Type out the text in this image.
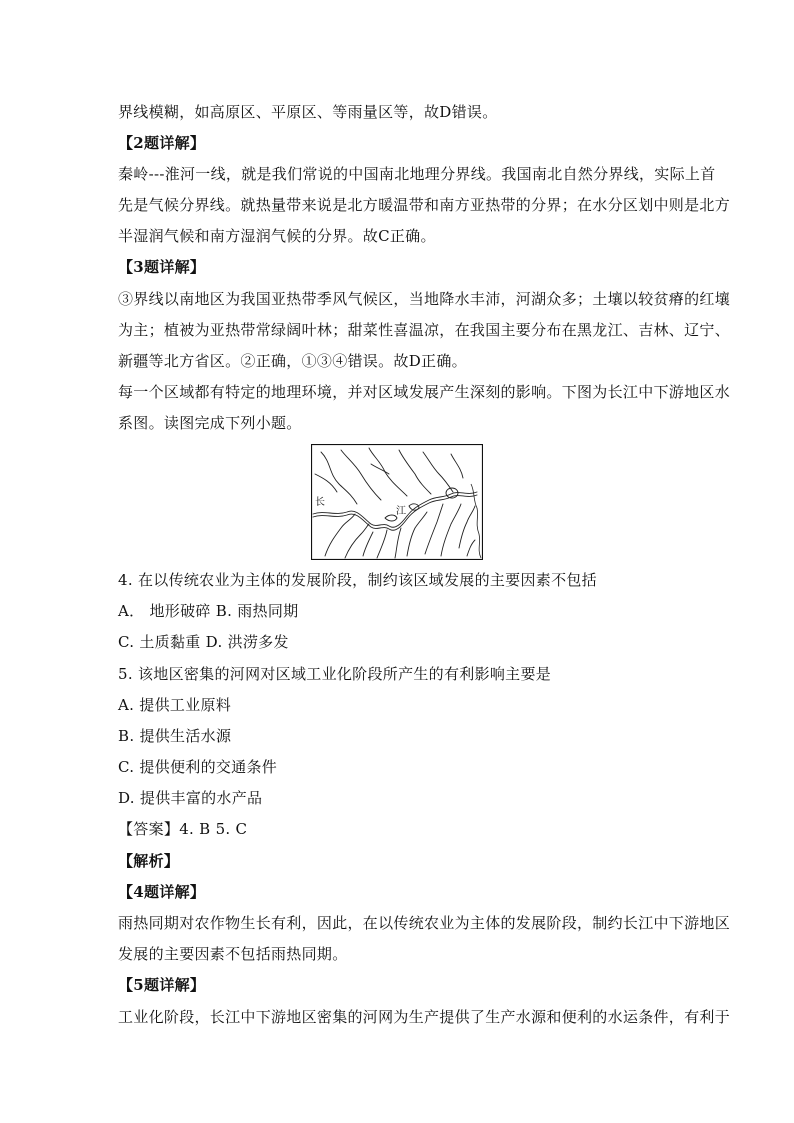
界线模糊，如高原区、平原区、等雨量区等，故D错误。
【2题详解】
秦岭---淮河一线，就是我们常说的中国南北地理分界线。我国南北自然分界线，实际上首
先是气候分界线。就热量带来说是北方暖温带和南方亚热带的分界；在水分区划中则是北方
半湿润气候和南方湿润气候的分界。故C正确。
【3题详解】
③界线以南地区为我国亚热带季风气候区，当地降水丰沛，河湖众多；土壤以较贫瘠的红壤
为主；植被为亚热带常绿阔叶林；甜菜性喜温凉，在我国主要分布在黑龙江、吉林、辽宁、
新疆等北方省区。②正确，①③④错误。故D正确。
每一个区域都有特定的地理环境，并对区域发展产生深刻的影响。下图为长江中下游地区水
系图。读图完成下列小题。
长
江
4. 在以传统农业为主体的发展阶段，制约该区域发展的主要因素不包括
A． 地形破碎 B. 雨热同期
C. 土质黏重 D. 洪涝多发
5. 该地区密集的河网对区域工业化阶段所产生的有利影响主要是
A. 提供工业原料
B. 提供生活水源
C. 提供便利的交通条件
D. 提供丰富的水产品
【答案】4. B 5. C
【解析】
【4题详解】
雨热同期对农作物生长有利，因此，在以传统农业为主体的发展阶段，制约长江中下游地区
发展的主要因素不包括雨热同期。
【5题详解】
工业化阶段，长江中下游地区密集的河网为生产提供了生产水源和便利的水运条件，有利于
